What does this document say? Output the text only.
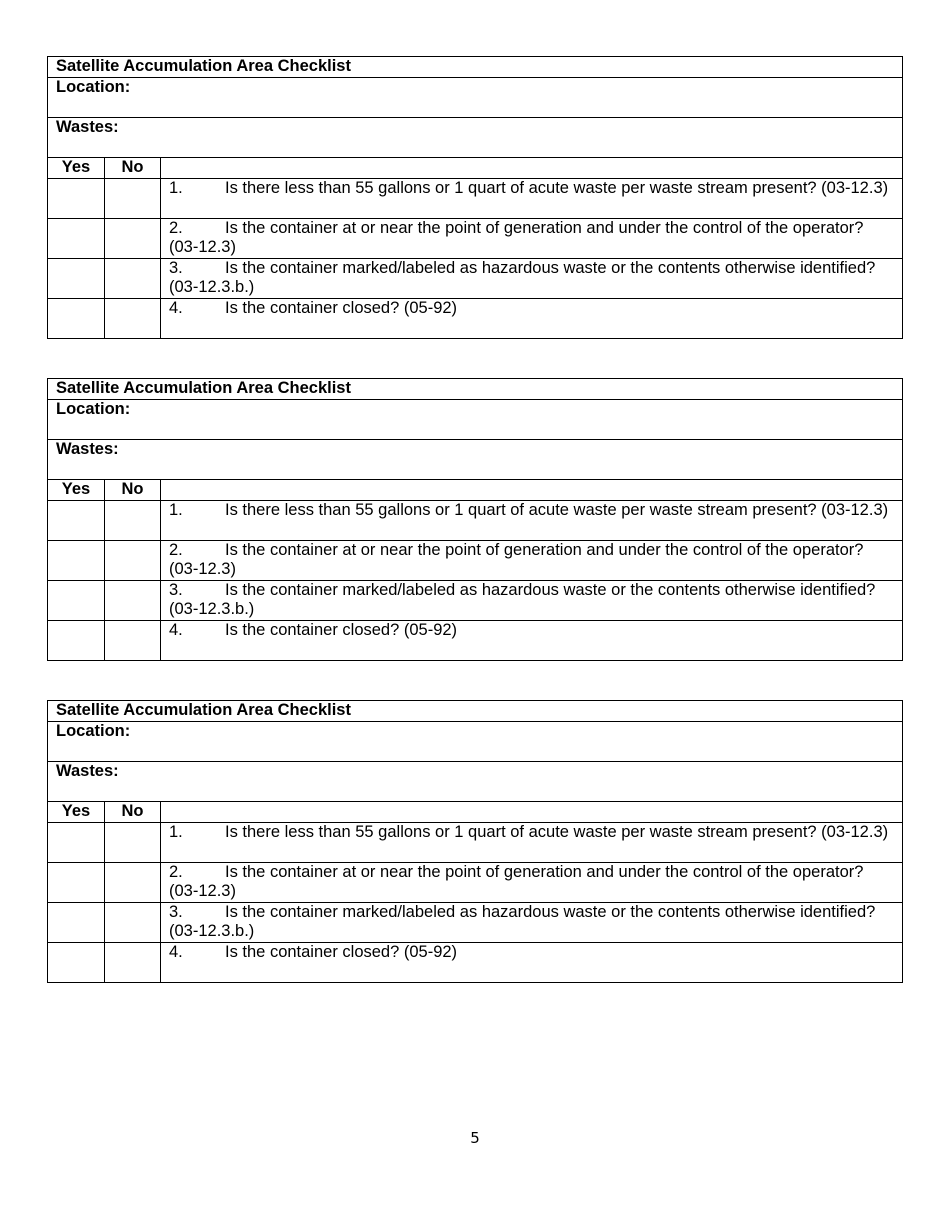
Satellite Accumulation Area Checklist		
Location:		
Wastes:		
Yes	No	
		1. Is there less than 55 gallons or 1 quart of acute waste per waste stream present? (03-12.3)
		2. Is the container at or near the point of generation and under the control of the operator? (03-12.3)
		3. Is the container marked/labeled as hazardous waste or the contents otherwise identified? (03-12.3.b.)
		4. Is the container closed? (05-92)
Satellite Accumulation Area Checklist		
Location:		
Wastes:		
Yes	No	
		1. Is there less than 55 gallons or 1 quart of acute waste per waste stream present? (03-12.3)
		2. Is the container at or near the point of generation and under the control of the operator? (03-12.3)
		3. Is the container marked/labeled as hazardous waste or the contents otherwise identified? (03-12.3.b.)
		4. Is the container closed? (05-92)
Satellite Accumulation Area Checklist		
Location:		
Wastes:		
Yes	No	
		1. Is there less than 55 gallons or 1 quart of acute waste per waste stream present? (03-12.3)
		2. Is the container at or near the point of generation and under the control of the operator? (03-12.3)
		3. Is the container marked/labeled as hazardous waste or the contents otherwise identified? (03-12.3.b.)
		4. Is the container closed? (05-92)
5
